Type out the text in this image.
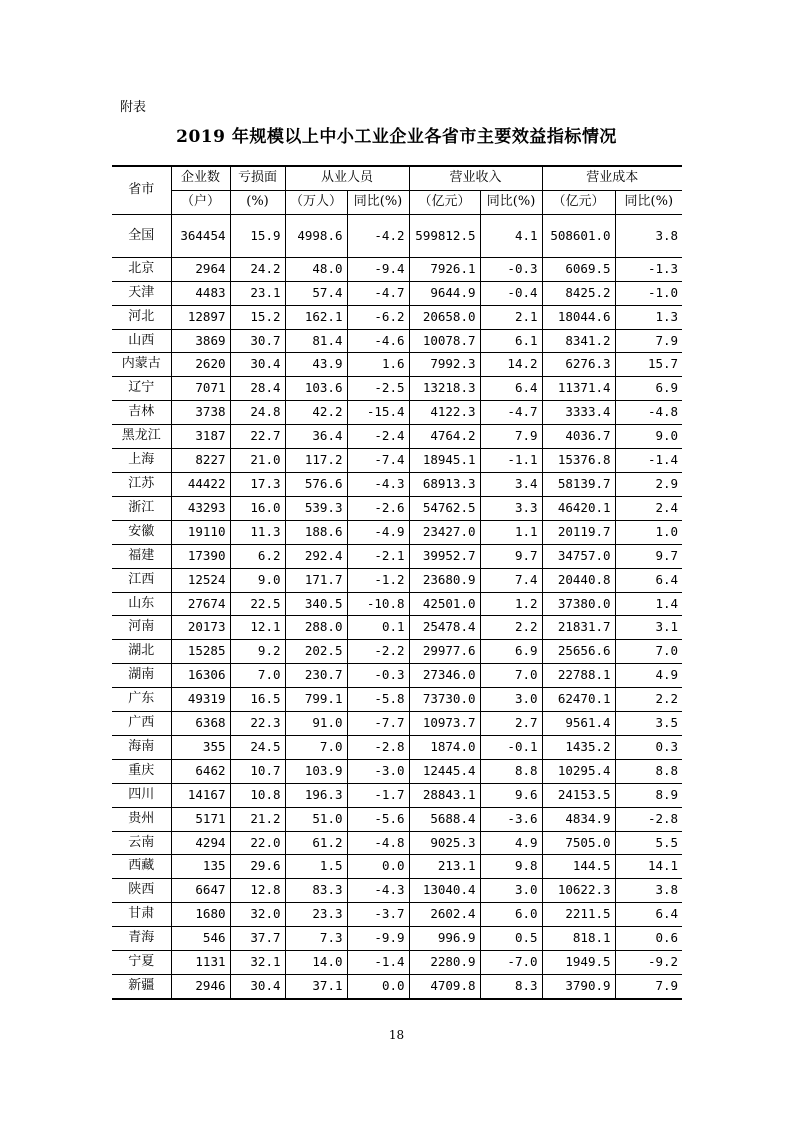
附表
2019 年规模以上中小工业企业各省市主要效益指标情况
省市	企业数	亏损面	从业人员		营业收入		营业成本	
	（户）	(%)	（万人）	同比(%)	（亿元）	同比(%)	（亿元）	同比(%)
全国	364454	15.9	4998.6	-4.2	599812.5	4.1	508601.0	3.8
北京	2964	24.2	48.0	-9.4	7926.1	-0.3	6069.5	-1.3
天津	4483	23.1	57.4	-4.7	9644.9	-0.4	8425.2	-1.0
河北	12897	15.2	162.1	-6.2	20658.0	2.1	18044.6	1.3
山西	3869	30.7	81.4	-4.6	10078.7	6.1	8341.2	7.9
内蒙古	2620	30.4	43.9	1.6	7992.3	14.2	6276.3	15.7
辽宁	7071	28.4	103.6	-2.5	13218.3	6.4	11371.4	6.9
吉林	3738	24.8	42.2	-15.4	4122.3	-4.7	3333.4	-4.8
黑龙江	3187	22.7	36.4	-2.4	4764.2	7.9	4036.7	9.0
上海	8227	21.0	117.2	-7.4	18945.1	-1.1	15376.8	-1.4
江苏	44422	17.3	576.6	-4.3	68913.3	3.4	58139.7	2.9
浙江	43293	16.0	539.3	-2.6	54762.5	3.3	46420.1	2.4
安徽	19110	11.3	188.6	-4.9	23427.0	1.1	20119.7	1.0
福建	17390	6.2	292.4	-2.1	39952.7	9.7	34757.0	9.7
江西	12524	9.0	171.7	-1.2	23680.9	7.4	20440.8	6.4
山东	27674	22.5	340.5	-10.8	42501.0	1.2	37380.0	1.4
河南	20173	12.1	288.0	0.1	25478.4	2.2	21831.7	3.1
湖北	15285	9.2	202.5	-2.2	29977.6	6.9	25656.6	7.0
湖南	16306	7.0	230.7	-0.3	27346.0	7.0	22788.1	4.9
广东	49319	16.5	799.1	-5.8	73730.0	3.0	62470.1	2.2
广西	6368	22.3	91.0	-7.7	10973.7	2.7	9561.4	3.5
海南	355	24.5	7.0	-2.8	1874.0	-0.1	1435.2	0.3
重庆	6462	10.7	103.9	-3.0	12445.4	8.8	10295.4	8.8
四川	14167	10.8	196.3	-1.7	28843.1	9.6	24153.5	8.9
贵州	5171	21.2	51.0	-5.6	5688.4	-3.6	4834.9	-2.8
云南	4294	22.0	61.2	-4.8	9025.3	4.9	7505.0	5.5
西藏	135	29.6	1.5	0.0	213.1	9.8	144.5	14.1
陕西	6647	12.8	83.3	-4.3	13040.4	3.0	10622.3	3.8
甘肃	1680	32.0	23.3	-3.7	2602.4	6.0	2211.5	6.4
青海	546	37.7	7.3	-9.9	996.9	0.5	818.1	0.6
宁夏	1131	32.1	14.0	-1.4	2280.9	-7.0	1949.5	-9.2
新疆	2946	30.4	37.1	0.0	4709.8	8.3	3790.9	7.9
18
